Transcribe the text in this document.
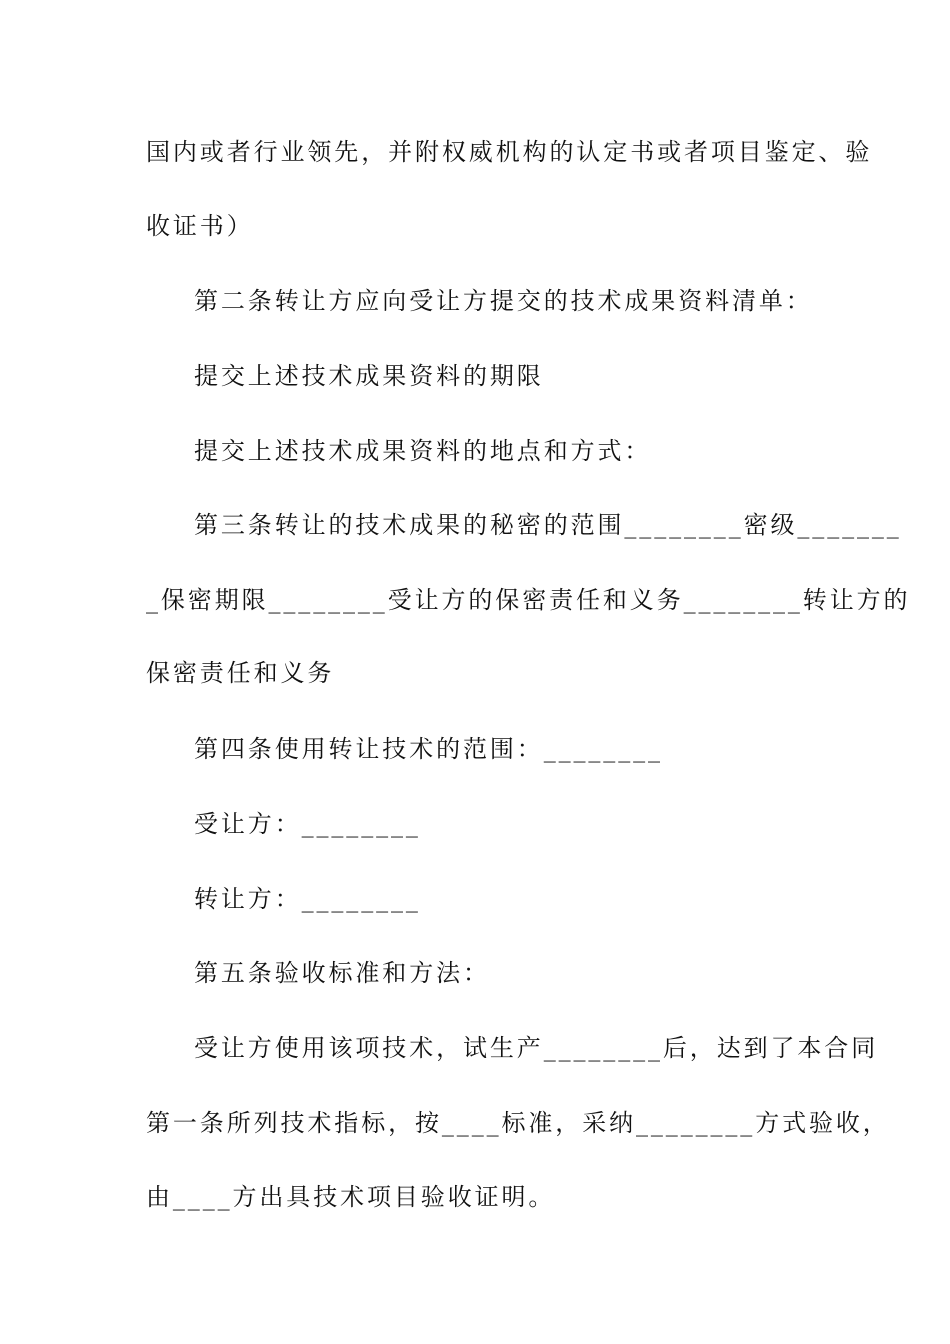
国内或者行业领先，并附权威机构的认定书或者项目鉴定、验
收证书）
第二条转让方应向受让方提交的技术成果资料清单：
提交上述技术成果资料的期限
提交上述技术成果资料的地点和方式：
第三条转让的技术成果的秘密的范围________密级_______
_保密期限________受让方的保密责任和义务________转让方的
保密责任和义务
第四条使用转让技术的范围：________
受让方：________
转让方：________
第五条验收标准和方法：
受让方使用该项技术，试生产________后，达到了本合同
第一条所列技术指标，按____标准，采纳________方式验收，
由____方出具技术项目验收证明。
